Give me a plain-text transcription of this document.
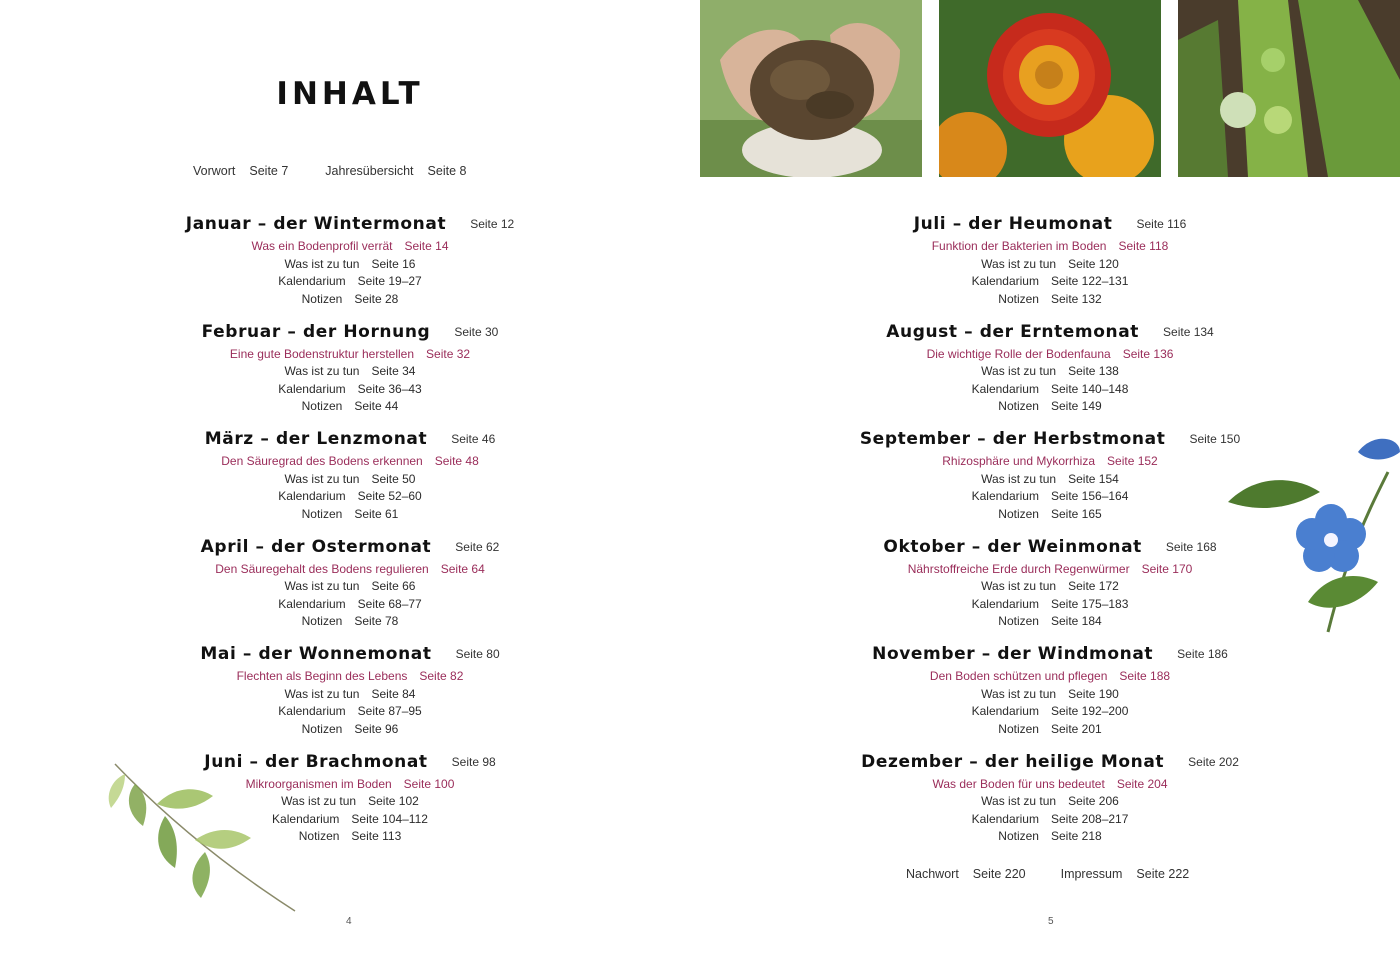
INHALT
Vorwort Seite 7	Jahresübersicht Seite 8
Januar – der Wintermonat Seite 12
Was ein Bodenprofil verrät Seite 14
Was ist zu tun Seite 16
Kalendarium Seite 19–27
Notizen Seite 28
Februar – der Hornung Seite 30
Eine gute Bodenstruktur herstellen Seite 32
Was ist zu tun Seite 34
Kalendarium Seite 36–43
Notizen Seite 44
März – der Lenzmonat Seite 46
Den Säuregrad des Bodens erkennen Seite 48
Was ist zu tun Seite 50
Kalendarium Seite 52–60
Notizen Seite 61
April – der Ostermonat Seite 62
Den Säuregehalt des Bodens regulieren Seite 64
Was ist zu tun Seite 66
Kalendarium Seite 68–77
Notizen Seite 78
Mai – der Wonnemonat Seite 80
Flechten als Beginn des Lebens Seite 82
Was ist zu tun Seite 84
Kalendarium Seite 87–95
Notizen Seite 96
Juni – der Brachmonat Seite 98
Mikroorganismen im Boden Seite 100
Was ist zu tun Seite 102
Kalendarium Seite 104–112
Notizen Seite 113
4
Juli – der Heumonat Seite 116
Funktion der Bakterien im Boden Seite 118
Was ist zu tun Seite 120
Kalendarium Seite 122–131
Notizen Seite 132
August – der Erntemonat Seite 134
Die wichtige Rolle der Bodenfauna Seite 136
Was ist zu tun Seite 138
Kalendarium Seite 140–148
Notizen Seite 149
September – der Herbstmonat Seite 150
Rhizosphäre und Mykorrhiza Seite 152
Was ist zu tun Seite 154
Kalendarium Seite 156–164
Notizen Seite 165
Oktober – der Weinmonat Seite 168
Nährstoffreiche Erde durch Regenwürmer Seite 170
Was ist zu tun Seite 172
Kalendarium Seite 175–183
Notizen Seite 184
November – der Windmonat Seite 186
Den Boden schützen und pflegen Seite 188
Was ist zu tun Seite 190
Kalendarium Seite 192–200
Notizen Seite 201
Dezember – der heilige Monat Seite 202
Was der Boden für uns bedeutet Seite 204
Was ist zu tun Seite 206
Kalendarium Seite 208–217
Notizen Seite 218
Nachwort Seite 220	Impressum Seite 222
5
